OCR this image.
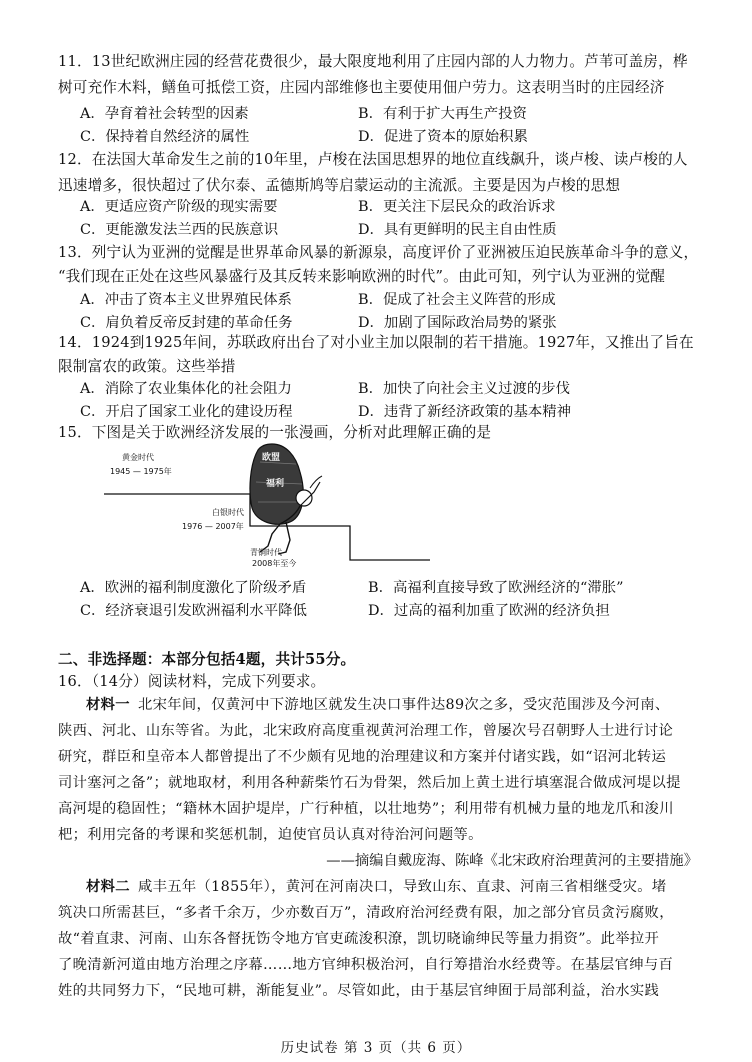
11．13世纪欧洲庄园的经营花费很少，最大限度地利用了庄园内部的人力物力。芦苇可盖房，桦
树可充作木料，鳝鱼可抵偿工资，庄园内部维修也主要使用佃户劳力。这表明当时的庄园经济
A．孕育着社会转型的因素	B．有利于扩大再生产投资
C．保持着自然经济的属性	D．促进了资本的原始积累
12．在法国大革命发生之前的10年里，卢梭在法国思想界的地位直线飙升，谈卢梭、读卢梭的人
迅速增多，很快超过了伏尔泰、孟德斯鸠等启蒙运动的主流派。主要是因为卢梭的思想
A．更适应资产阶级的现实需要	B．更关注下层民众的政治诉求
C．更能激发法兰西的民族意识	D．具有更鲜明的民主自由性质
13．列宁认为亚洲的觉醒是世界革命风暴的新源泉，高度评价了亚洲被压迫民族革命斗争的意义，
“我们现在正处在这些风暴盛行及其反转来影响欧洲的时代”。由此可知，列宁认为亚洲的觉醒
A．冲击了资本主义世界殖民体系	B．促成了社会主义阵营的形成
C．肩负着反帝反封建的革命任务	D．加剧了国际政治局势的紧张
14．1924到1925年间，苏联政府出台了对小业主加以限制的若干措施。1927年，又推出了旨在
限制富农的政策。这些举措
A．消除了农业集体化的社会阻力	B．加快了向社会主义过渡的步伐
C．开启了国家工业化的建设历程	D．违背了新经济政策的基本精神
15．下图是关于欧洲经济发展的一张漫画，分析对此理解正确的是
黄金时代
1945 — 1975年
白银时代
1976 — 2007年
青铜时代
2008年至今
欧盟
福利
A．欧洲的福利制度激化了阶级矛盾	B．高福利直接导致了欧洲经济的“滞胀”
C．经济衰退引发欧洲福利水平降低	D．过高的福利加重了欧洲的经济负担
二、非选择题：本部分包括4题，共计55分。
16．（14分）阅读材料，完成下列要求。
材料一 北宋年间，仅黄河中下游地区就发生决口事件达89次之多，受灾范围涉及今河南、
陕西、河北、山东等省。为此，北宋政府高度重视黄河治理工作，曾屡次号召朝野人士进行讨论
研究，群臣和皇帝本人都曾提出了不少颇有见地的治理建议和方案并付诸实践，如“诏河北转运
司计塞河之备”；就地取材，利用各种薪柴竹石为骨架，然后加上黄土进行填塞混合做成河堤以提
高河堤的稳固性；“籍林木固护堤岸，广行种植，以壮地势”；利用带有机械力量的地龙爪和浚川
杷；利用完备的考课和奖惩机制，迫使官员认真对待治河问题等。
——摘编自戴庞海、陈峰《北宋政府治理黄河的主要措施》
材料二 咸丰五年（1855年），黄河在河南决口，导致山东、直隶、河南三省相继受灾。堵
筑决口所需甚巨，“多者千余万，少亦数百万”，清政府治河经费有限，加之部分官员贪污腐败，
故“着直隶、河南、山东各督抚饬令地方官吏疏浚积潦，凯切晓谕绅民等量力捐资”。此举拉开
了晚清新河道由地方治理之序幕……地方官绅积极治河，自行筹措治水经费等。在基层官绅与百
姓的共同努力下，“民地可耕，渐能复业”。尽管如此，由于基层官绅囿于局部利益，治水实践
历史试卷 第 3 页（共 6 页）
